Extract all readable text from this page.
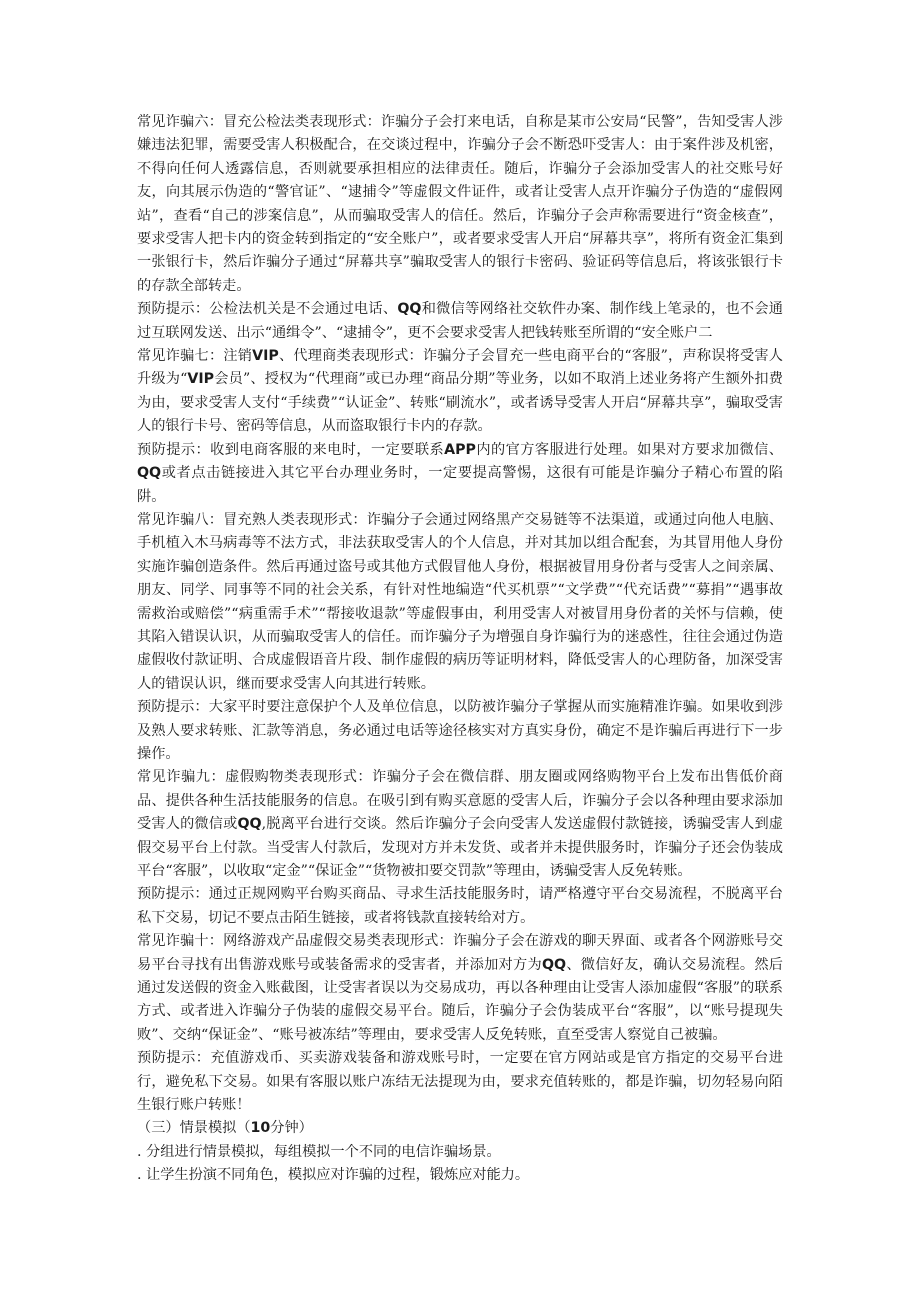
常见诈骗六：冒充公检法类表现形式：诈骗分子会打来电话，自称是某市公安局“民警”，告知受害人涉嫌违法犯罪，需要受害人积极配合，在交谈过程中，诈骗分子会不断恐吓受害人：由于案件涉及机密，不得向任何人透露信息，否则就要承担相应的法律责任。随后，诈骗分子会添加受害人的社交账号好友，向其展示伪造的“警官证”、“逮捕令”等虚假文件证件，或者让受害人点开诈骗分子伪造的“虚假网站”，查看“自己的涉案信息”，从而骗取受害人的信任。然后，诈骗分子会声称需要进行“资金核查”，要求受害人把卡内的资金转到指定的“安全账户”，或者要求受害人开启“屏幕共享”，将所有资金汇集到一张银行卡，然后诈骗分子通过“屏幕共享”骗取受害人的银行卡密码、验证码等信息后，将该张银行卡的存款全部转走。

预防提示：公检法机关是不会通过电话、QQ和微信等网络社交软件办案、制作线上笔录的，也不会通过互联网发送、出示“通缉令”、“逮捕令”，更不会要求受害人把钱转账至所谓的“安全账户二

常见诈骗七：注销VIP、代理商类表现形式：诈骗分子会冒充一些电商平台的“客服”，声称误将受害人升级为“VIP会员”、授权为“代理商”或已办理“商品分期”等业务，以如不取消上述业务将产生额外扣费为由，要求受害人支付“手续费”“认证金”、转账“刷流水”，或者诱导受害人开启“屏幕共享”，骗取受害人的银行卡号、密码等信息，从而盗取银行卡内的存款。

预防提示：收到电商客服的来电时，一定要联系APP内的官方客服进行处理。如果对方要求加微信、QQ或者点击链接进入其它平台办理业务时，一定要提高警惕，这很有可能是诈骗分子精心布置的陷阱。

常见诈骗八：冒充熟人类表现形式：诈骗分子会通过网络黑产交易链等不法渠道，或通过向他人电脑、手机植入木马病毒等不法方式，非法获取受害人的个人信息，并对其加以组合配套，为其冒用他人身份实施诈骗创造条件。然后再通过盗号或其他方式假冒他人身份，根据被冒用身份者与受害人之间亲属、朋友、同学、同事等不同的社会关系，有针对性地编造“代买机票”“文学费”“代充话费”“募捐”“遇事故需救治或赔偿”“病重需手术”“帮接收退款”等虚假事由，利用受害人对被冒用身份者的关怀与信赖，使其陷入错误认识，从而骗取受害人的信任。而诈骗分子为增强自身诈骗行为的迷惑性，往往会通过伪造虚假收付款证明、合成虚假语音片段、制作虚假的病历等证明材料，降低受害人的心理防备，加深受害人的错误认识，继而要求受害人向其进行转账。

预防提示：大家平时要注意保护个人及单位信息，以防被诈骗分子掌握从而实施精准诈骗。如果收到涉及熟人要求转账、汇款等消息，务必通过电话等途径核实对方真实身份，确定不是诈骗后再进行下一步操作。

常见诈骗九：虚假购物类表现形式：诈骗分子会在微信群、朋友圈或网络购物平台上发布出售低价商品、提供各种生活技能服务的信息。在吸引到有购买意愿的受害人后，诈骗分子会以各种理由要求添加受害人的微信或QQ,脱离平台进行交谈。然后诈骗分子会向受害人发送虚假付款链接，诱骗受害人到虚假交易平台上付款。当受害人付款后，发现对方并未发货、或者并未提供服务时，诈骗分子还会伪装成平台“客服”，以收取“定金”“保证金”“货物被扣要交罚款”等理由，诱骗受害人反免转账。

预防提示：通过正规网购平台购买商品、寻求生活技能服务时，请严格遵守平台交易流程，不脱离平台私下交易，切记不要点击陌生链接，或者将钱款直接转给对方。

常见诈骗十：网络游戏产品虚假交易类表现形式：诈骗分子会在游戏的聊天界面、或者各个网游账号交易平台寻找有出售游戏账号或装备需求的受害者，并添加对方为QQ、微信好友，确认交易流程。然后通过发送假的资金入账截图，让受害者误以为交易成功，再以各种理由让受害人添加虚假“客服”的联系方式、或者进入诈骗分子伪装的虚假交易平台。随后，诈骗分子会伪装成平台“客服”，以“账号提现失败”、交纳“保证金”、“账号被冻结”等理由，要求受害人反免转账，直至受害人察觉自己被骗。

预防提示：充值游戏币、买卖游戏装备和游戏账号时，一定要在官方网站或是官方指定的交易平台进行，避免私下交易。如果有客服以账户冻结无法提现为由，要求充值转账的，都是诈骗，切勿轻易向陌生银行账户转账！

（三）情景模拟（10分钟）

. 分组进行情景模拟，每组模拟一个不同的电信诈骗场景。

. 让学生扮演不同角色，模拟应对诈骗的过程，锻炼应对能力。
